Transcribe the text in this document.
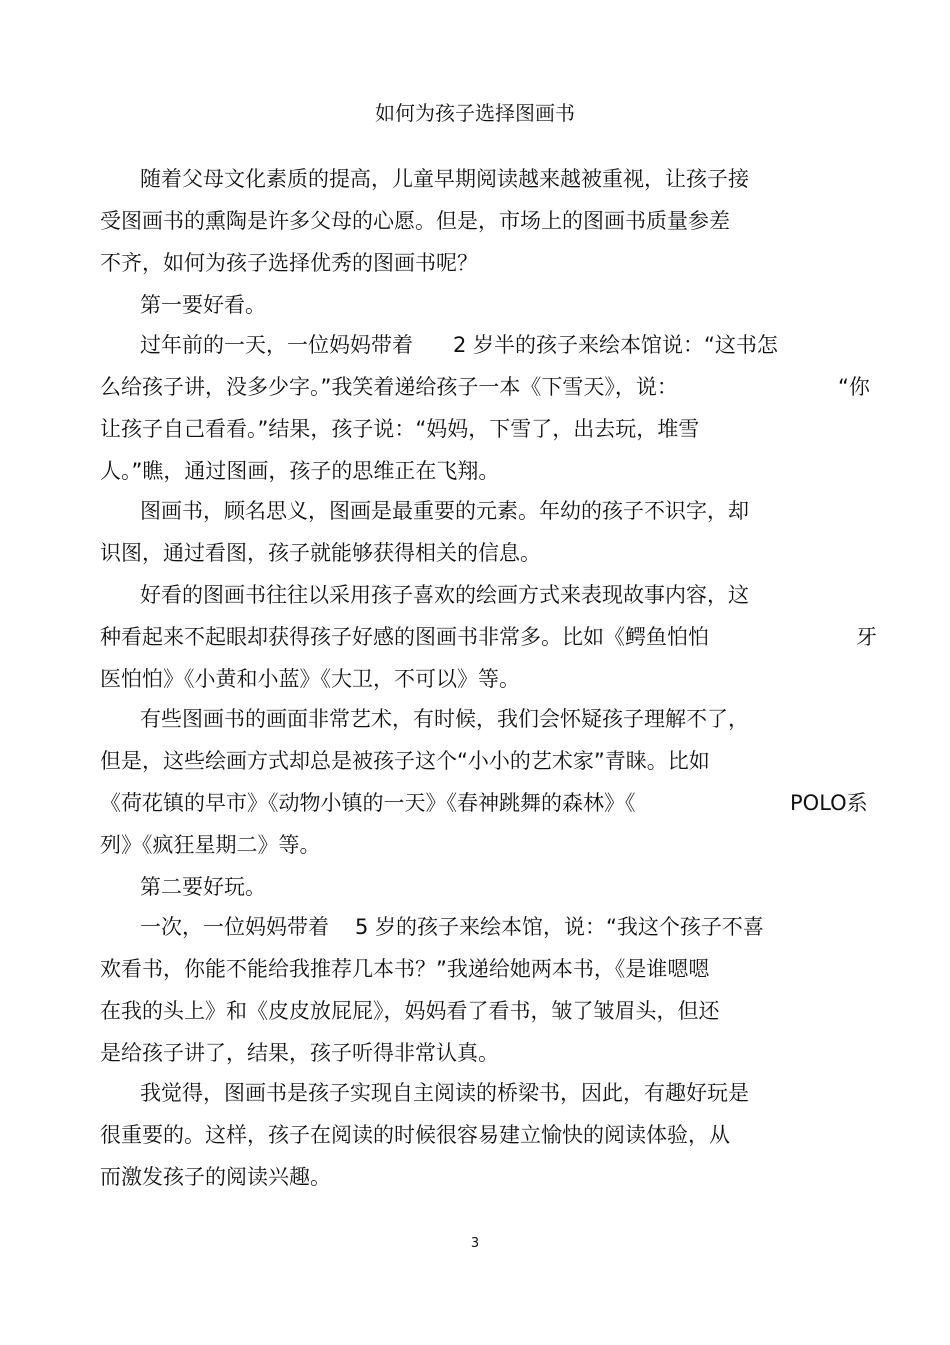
如何为孩子选择图画书
随着父母文化素质的提高，儿童早期阅读越来越被重视，让孩子接
受图画书的熏陶是许多父母的心愿。但是，市场上的图画书质量参差
不齐，如何为孩子选择优秀的图画书呢？
第一要好看。
过年前的一天，一位妈妈带着 2 岁半的孩子来绘本馆说：“这书怎
么给孩子讲，没多少字。”我笑着递给孩子一本《下雪天》，说：	“你
让孩子自己看看。”结果，孩子说：“妈妈，下雪了，出去玩，堆雪
人。”瞧，通过图画，孩子的思维正在飞翔。
图画书，顾名思义，图画是最重要的元素。年幼的孩子不识字，却
识图，通过看图，孩子就能够获得相关的信息。
好看的图画书往往以采用孩子喜欢的绘画方式来表现故事内容，这
种看起来不起眼却获得孩子好感的图画书非常多。比如《鳄鱼怕怕	牙
医怕怕》《小黄和小蓝》《大卫，不可以》等。
有些图画书的画面非常艺术，有时候，我们会怀疑孩子理解不了，
但是，这些绘画方式却总是被孩子这个“小小的艺术家”青睐。比如
《荷花镇的早市》《动物小镇的一天》《春神跳舞的森林》《	POLO系
列》《疯狂星期二》等。
第二要好玩。
一次，一位妈妈带着 5 岁的孩子来绘本馆，说：“我这个孩子不喜
欢看书，你能不能给我推荐几本书？”我递给她两本书，《是谁嗯嗯
在我的头上》和《皮皮放屁屁》，妈妈看了看书，皱了皱眉头，但还
是给孩子讲了，结果，孩子听得非常认真。
我觉得，图画书是孩子实现自主阅读的桥梁书，因此，有趣好玩是
很重要的。这样，孩子在阅读的时候很容易建立愉快的阅读体验，从
而激发孩子的阅读兴趣。
3
